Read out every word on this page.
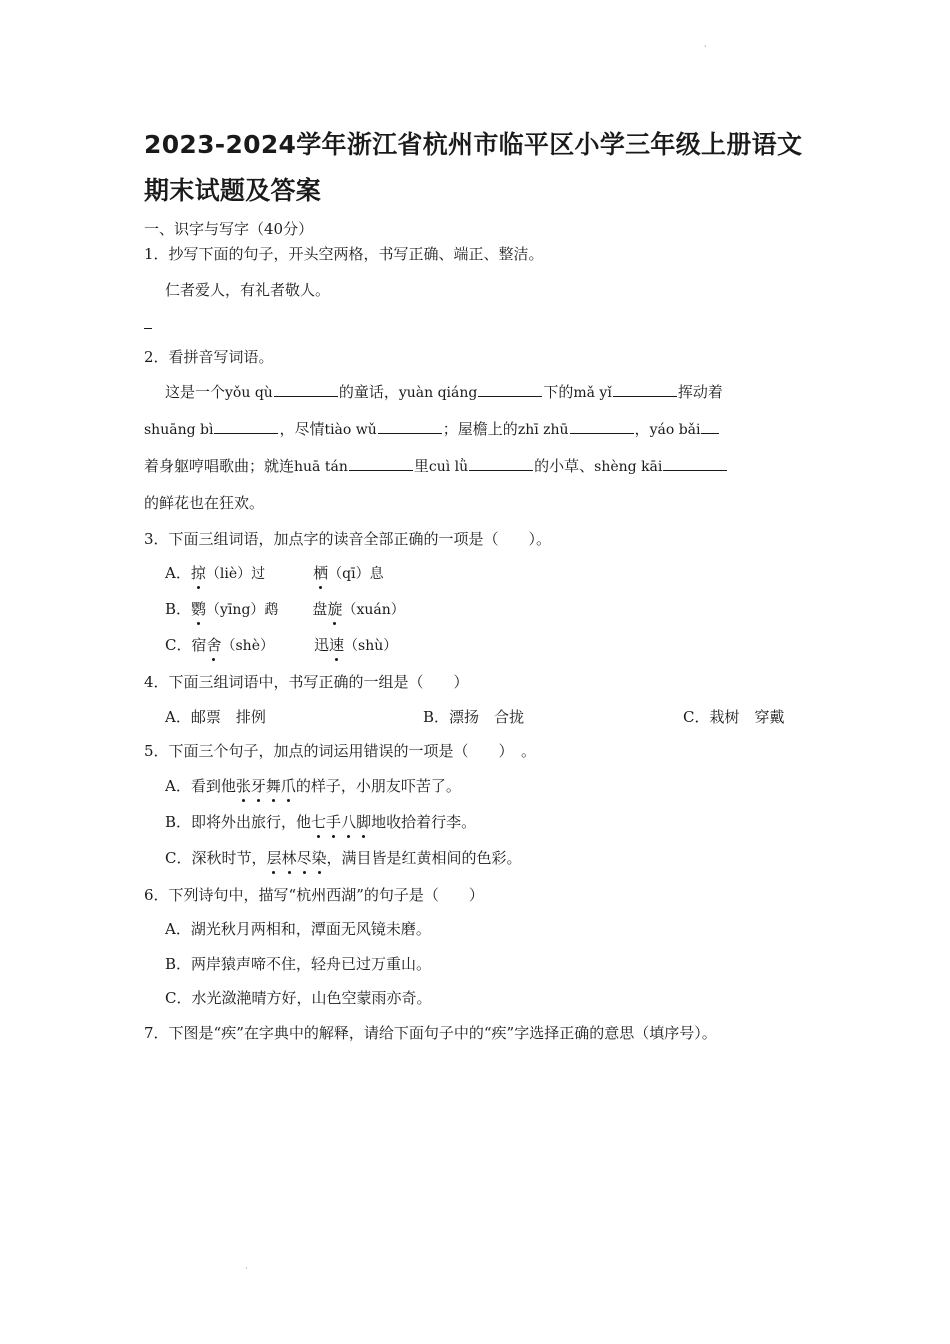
·
2023-2024学年浙江省杭州市临平区小学三年级上册语文期末试题及答案
一、识字与写字（40分）
1．抄写下面的句子，开头空两格，书写正确、端正、整洁。
仁者爱人，有礼者敬人。
2．看拼音写词语。
这是一个yǒu qù	的童话，yuàn qiáng	下的mǎ yǐ	挥动着
shuāng bì	，尽情tiào wǔ	；屋檐上的zhī zhū	，yáo bǎi
着身躯哼唱歌曲；就连huā tán	里cuì lǜ	的小草、shèng kāi
的鲜花也在狂欢。
3．下面三组词语，加点字的读音全部正确的一项是（　　）。
A．掠（liè）过	栖（qī）息
B．鹦（yīng）鹉 盘旋（xuán）
C．宿舍（shè）	迅速（shù）
4．下面三组词语中，书写正确的一组是（　　）
A．邮票　排例	B．漂扬　合拢	C．栽树　穿戴
5．下面三个句子，加点的词运用错误的一项是（　　）　。
A．看到他张牙舞爪的样子，小朋友吓苦了。
B．即将外出旅行，他七手八脚地收拾着行李。
C．深秋时节，层林尽染，满目皆是红黄相间的色彩。
6．下列诗句中，描写“杭州西湖”的句子是（　　）
A．湖光秋月两相和，潭面无风镜未磨。
B．两岸猿声啼不住，轻舟已过万重山。
C．水光潋滟晴方好，山色空蒙雨亦奇。
7．下图是“疾”在字典中的解释，请给下面句子中的“疾”字选择正确的意思（填序号）。
·
